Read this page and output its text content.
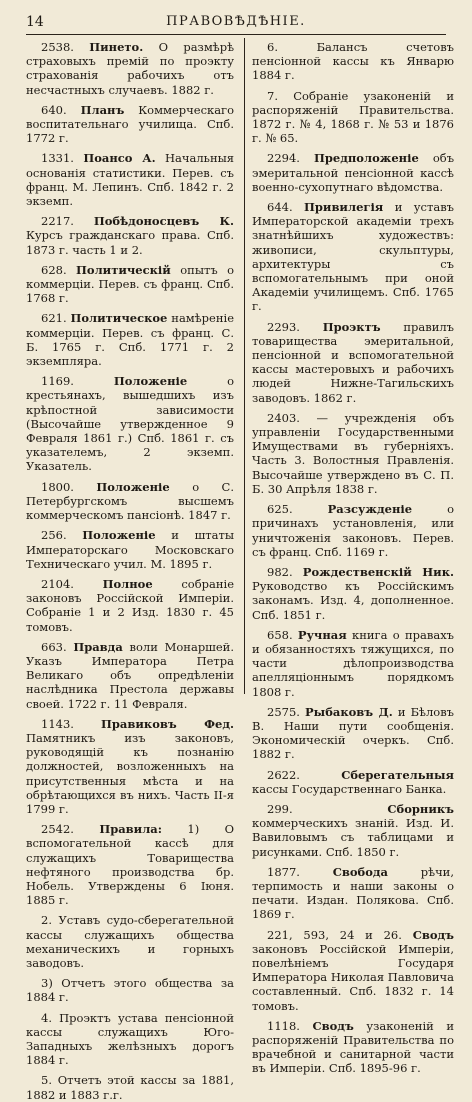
14	ПРАВОВѢДѢНІЕ.

2538. Пинето. О размѣрѣ страховыхъ премій по проэкту страхованія рабочихъ отъ несчастныхъ случаевъ. 1882 г.

640. Планъ Коммерческаго воспитательнаго училища. Спб. 1772 г.

1331. Поансо А. Начальныя основанія статистики. Перев. съ франц. М. Лепинъ. Спб. 1842 г. 2 экземп.

2217. Побѣдоносцевъ К. Курсъ гражданскаго права. Спб. 1873 г. часть 1 и 2.

628. Политическій опытъ о коммерціи. Перев. съ франц. Спб. 1768 г.

621. Политическое намѣреніе коммерціи. Перев. съ франц. С. Б. 1765 г. Спб. 1771 г. 2 экземпляра.

1169.	Положеніе	о крестьянахъ, вышедшихъ изъ крѣпостной зависимости (Высочайше утвержденное 9 Февраля 1861 г.) Спб. 1861 г. съ указателемъ, 2 экземп. Указатель.

1800. Положеніе о С. Петербургскомъ высшемъ коммерческомъ пансіонѣ. 1847 г.

256. Положеніе и штаты Императорскаго Московскаго Техническаго учил. М. 1895 г.

2104. Полное собраніе законовъ Россійской Имперіи. Собраніе 1 и 2 Изд. 1830 г. 45 томовъ.

663. Правда воли Монаршей. Указъ Императора Петра Великаго объ опредѣленіи наслѣдника Престола державы своей. 1722 г. 11 Февраля.

1143. Правиковъ Фед. Памятникъ изъ законовъ, руководящій къ познанію должностей, возложенныхъ на присутственныя мѣста и на обрѣтающихся въ нихъ. Часть II-я 1799 г.

2542. Правила: 1) О вспомогательной кассѣ для служащихъ Товарищества нефтяного производства бр. Нобель. Утверждены 6 Іюня. 1885 г.

2. Уставъ судо-сберегательной кассы служащихъ общества механическихъ и горныхъ заводовъ.

3) Отчетъ этого общества за 1884 г.

4. Проэктъ устава пенсіонной кассы служащихъ Юго-Западныхъ желѣзныхъ дорогъ 1884 г.

5. Отчетъ этой кассы за 1881, 1882 и 1883 г.г.

6. Балансъ счетовъ пенсіонной кассы къ Январю 1884 г.

7. Собраніе узаконеній и распоряженій Правительства. 1872 г. № 4, 1868 г. № 53 и 1876 г. № 65.

2294. Предположеніе объ эмеритальной пенсіонной кассѣ военно-сухопутнаго вѣдомства.

644. Привилегія и уставъ Императорской академіи трехъ знатнѣйшихъ художествъ: живописи, скульптуры, архитектуры съ вспомогательнымъ при оной Академіи училищемъ. Спб. 1765 г.

2293. Проэктъ правилъ товарищества эмеритальной, пенсіонной и вспомогательной кассы мастеровыхъ и рабочихъ людей Нижне-Тагильскихъ заводовъ. 1862 г.

2403. — учрежденія объ управленіи Государственными Имуществами въ губерніяхъ. Часть 3. Волостныя Правленія. Высочайше утверждено въ С. П. Б. 30 Апрѣля 1838 г.

625.	Разсужденіе	о причинахъ установленія, или уничтоженія законовъ. Перев. съ франц. Спб. 1169 г.

982. Рождественскій Ник. Руководство къ Россійскимъ законамъ. Изд. 4, дополненное. Спб. 1851 г.

658. Ручная книга о правахъ и обязанностяхъ тяжущихся, по части дѣлопроизводства апелляціоннымъ порядкомъ 1808 г.

2575. Рыбаковъ Д. и Бѣловъ В. Наши пути сообщенія. Экономическій очеркъ. Спб. 1882 г.

2622.	Сберегательныя кассы Государственнаго Банка.

299.	Сборникъ коммерческихъ знаній. Изд. И. Вавиловымъ съ таблицами и рисунками. Спб. 1850 г.

1877.	Свобода	рѣчи, терпимость и наши законы о печати. Издан. Полякова. Спб. 1869 г.

221, 593, 24 и 26. Сводъ законовъ Россійской Имперіи, повелѣніемъ Государя Императора Николая Павловича составленный. Спб. 1832 г. 14 томовъ.

1118. Сводъ узаконеній и распоряженій Правительства по врачебной и санитарной части въ Имперіи. Спб. 1895-96 г.
